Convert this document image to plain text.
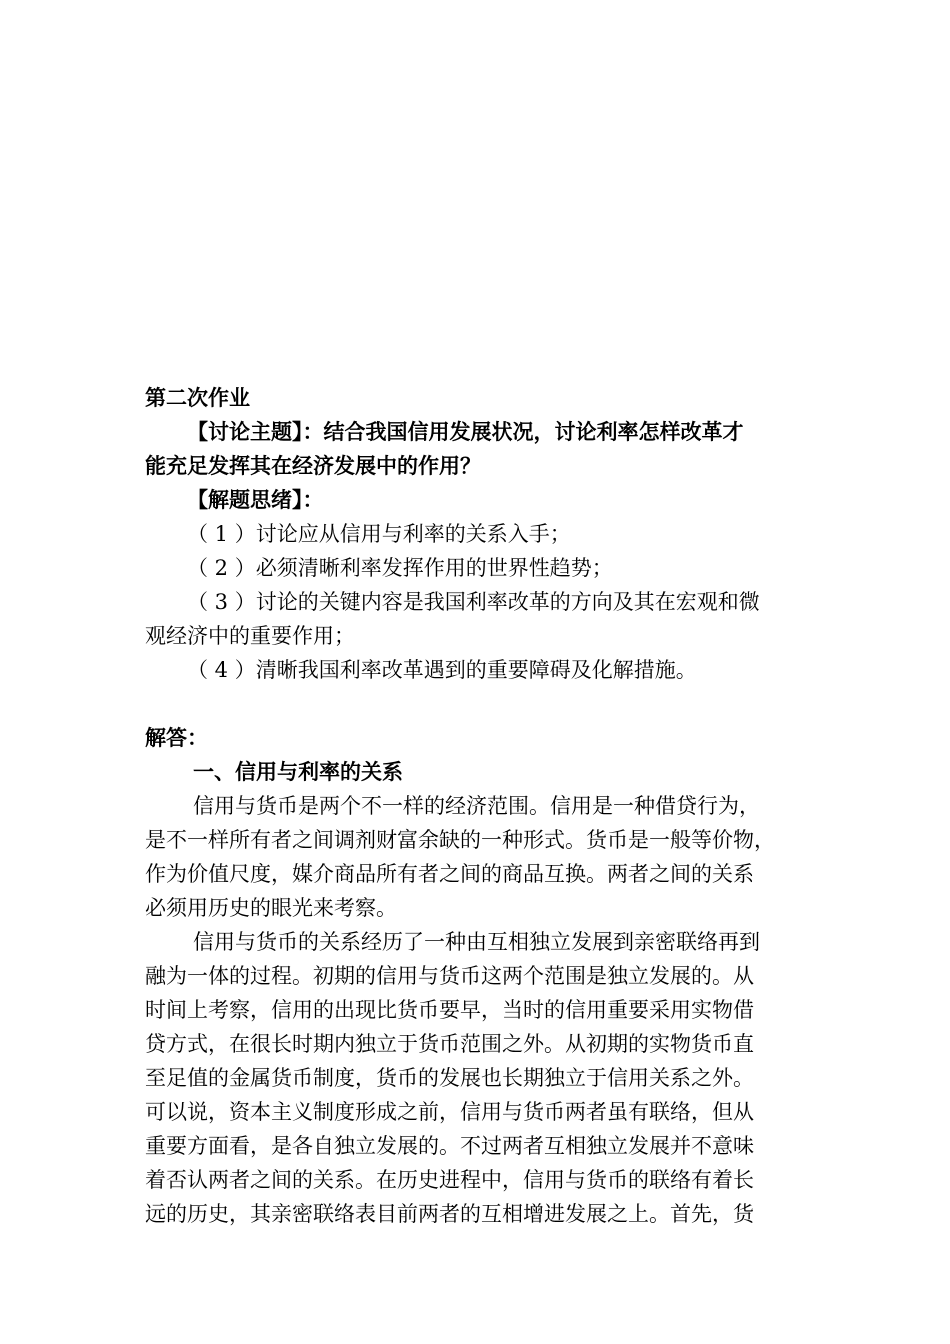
第二次作业
【讨论主题】：结合我国信用发展状况，讨论利率怎样改革才
能充足发挥其在经济发展中的作用？
【解题思绪】：
（ 1 ）讨论应从信用与利率的关系入手；
（ 2 ）必须清晰利率发挥作用的世界性趋势；
（ 3 ）讨论的关键内容是我国利率改革的方向及其在宏观和微
观经济中的重要作用；
（ 4 ）清晰我国利率改革遇到的重要障碍及化解措施。
解答：
一、信用与利率的关系
信用与货币是两个不一样的经济范围。信用是一种借贷行为，
是不一样所有者之间调剂财富余缺的一种形式。货币是一般等价物，
作为价值尺度，媒介商品所有者之间的商品互换。两者之间的关系
必须用历史的眼光来考察。
信用与货币的关系经历了一种由互相独立发展到亲密联络再到
融为一体的过程。初期的信用与货币这两个范围是独立发展的。从
时间上考察，信用的出现比货币要早，当时的信用重要采用实物借
贷方式，在很长时期内独立于货币范围之外。从初期的实物货币直
至足值的金属货币制度，货币的发展也长期独立于信用关系之外。
可以说，资本主义制度形成之前，信用与货币两者虽有联络，但从
重要方面看，是各自独立发展的。不过两者互相独立发展并不意味
着否认两者之间的关系。在历史进程中，信用与货币的联络有着长
远的历史，其亲密联络表目前两者的互相增进发展之上。首先，货
